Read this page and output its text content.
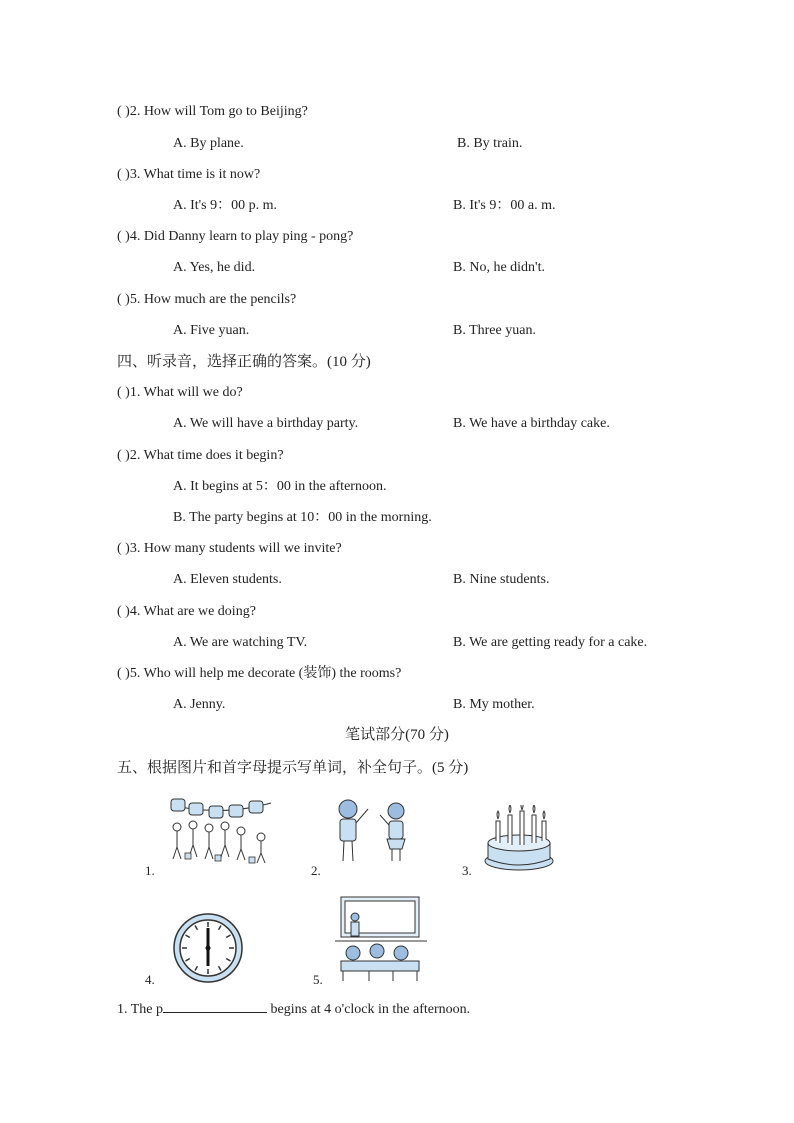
( )2. How will Tom go to Beijing?
A. By plane.	B. By train.
( )3. What time is it now?
A. It's 9：00 p. m.	B. It's 9：00 a. m.
( )4. Did Danny learn to play ping - pong?
A. Yes, he did.	B. No, he didn't.
( )5. How much are the pencils?
A. Five yuan.	B. Three yuan.
四、听录音，选择正确的答案。(10 分)
( )1. What will we do?
A. We will have a birthday party.	B. We have a birthday cake.
( )2. What time does it begin?
A. It begins at 5：00 in the afternoon.
B. The party begins at 10：00 in the morning.
( )3. How many students will we invite?
A. Eleven students.	B. Nine students.
( )4. What are we doing?
A. We are watching TV.	B. We are getting ready for a cake.
( )5. Who will help me decorate (装饰) the rooms?
A. Jenny.	B. My mother.
笔试部分(70 分)
五、根据图片和首字母提示写单词，补全句子。(5 分)
1.	2.	3.
4.	5.
1. The p	begins at 4 o'clock in the afternoon.
